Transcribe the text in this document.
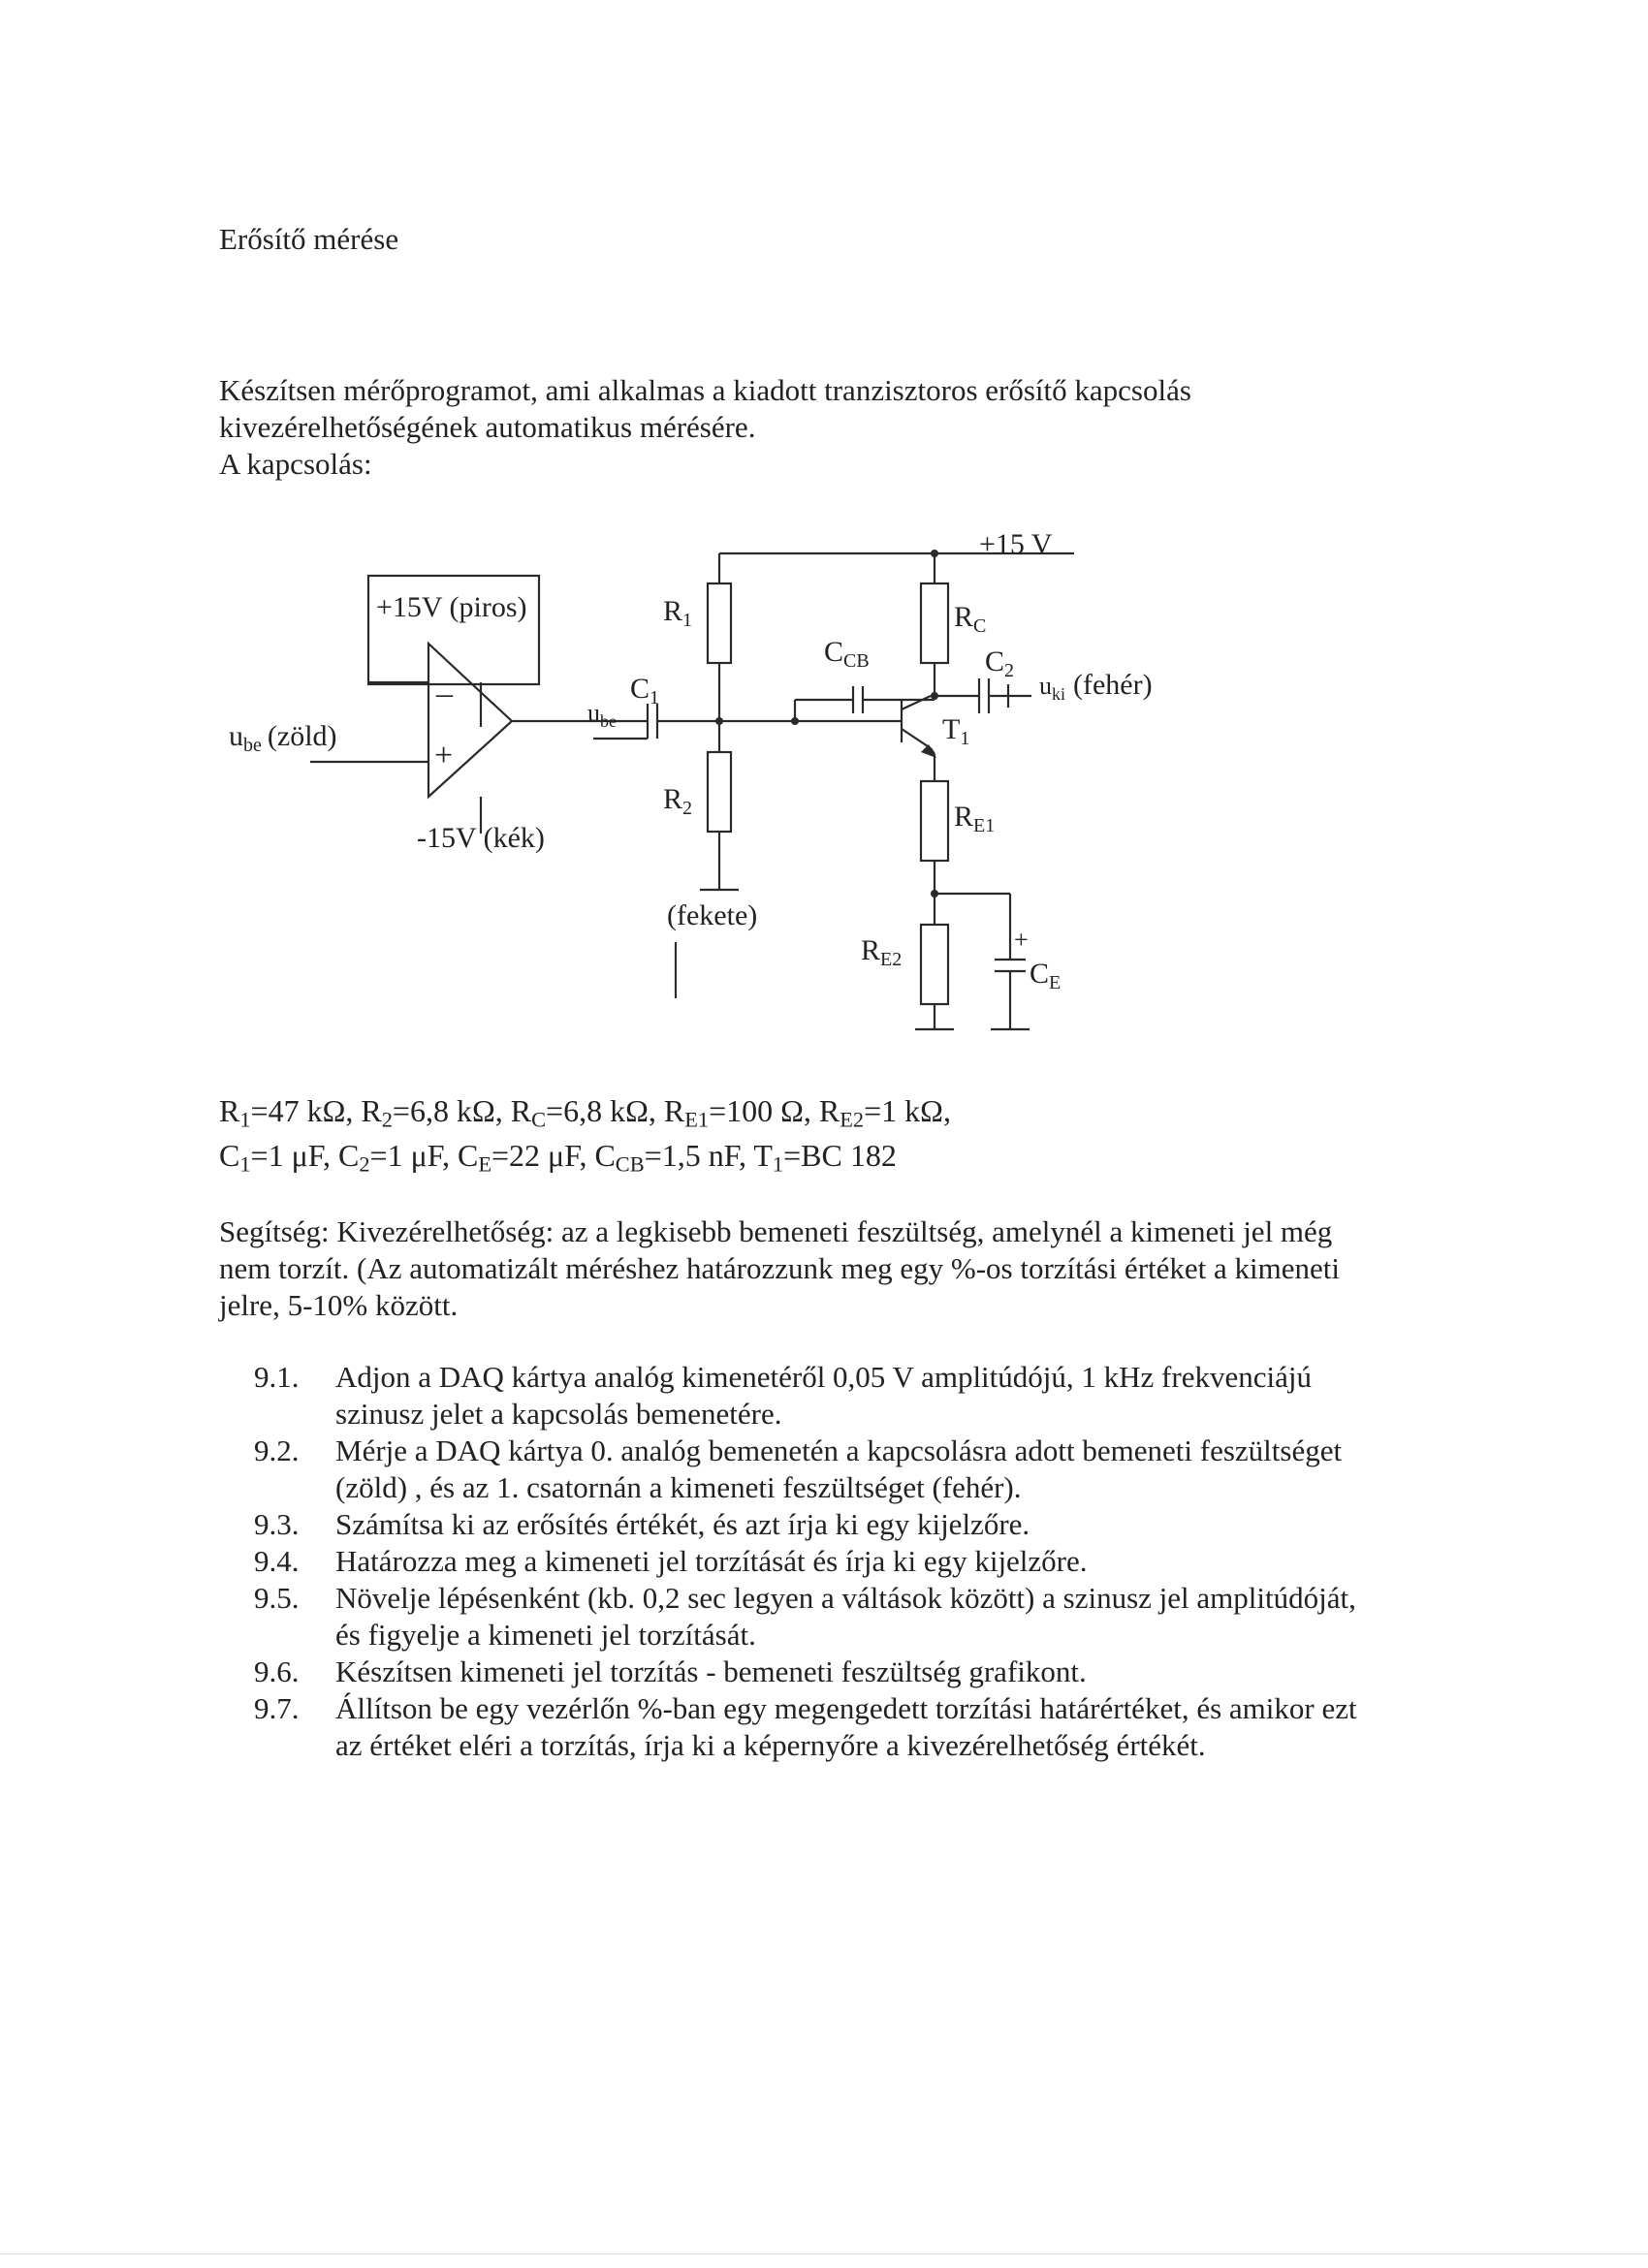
Erősítő mérése
Készítsen mérőprogramot, ami alkalmas a kiadott tranzisztoros erősítő kapcsolás
kivezérelhetőségének automatikus mérésére.
A kapcsolás:
+15 V
+15V (piros)
-15V (kék)
–
+
$u_{be}$ (zöld)
$u_{be}$
$C_1$
$R_1$
$R_2$
$C_{CB}$
$R_C$
$C_2$
$u_{ki}$ (fehér)
$T_1$
$R_{E1}$
$R_{E2}$
+
$C_E$
(fekete)
$R_1=47$ kΩ, $R_2=6,8$ kΩ, $R_C=6,8$ kΩ, $R_{E1}=100$ Ω, $R_{E2}=1$ kΩ,
$C_1=1$ μF, $C_2=1$ μF, $C_E=22$ μF, $C_{CB}=1,5$ nF, $T_1=BC$ 182
Segítség: Kivezérelhetőség: az a legkisebb bemeneti feszültség, amelynél a kimeneti jel még
nem torzít. (Az automatizált méréshez határozzunk meg egy %-os torzítási értéket a kimeneti
jelre, 5-10% között.
9.1.	Adjon a DAQ kártya analóg kimenetéről 0,05 V amplitúdójú, 1 kHz frekvenciájú
szinusz jelet a kapcsolás bemenetére.
9.2.	Mérje a DAQ kártya 0. analóg bemenetén a kapcsolásra adott bemeneti feszültséget
(zöld) , és az 1. csatornán a kimeneti feszültséget (fehér).
9.3.	Számítsa ki az erősítés értékét, és azt írja ki egy kijelzőre.
9.4.	Határozza meg a kimeneti jel torzítását és írja ki egy kijelzőre.
9.5.	Növelje lépésenként (kb. 0,2 sec legyen a váltások között) a szinusz jel amplitúdóját,
és figyelje a kimeneti jel torzítását.
9.6.	Készítsen kimeneti jel torzítás - bemeneti feszültség grafikont.
9.7.	Állítson be egy vezérlőn %-ban egy megengedett torzítási határértéket, és amikor ezt
az értéket eléri a torzítás, írja ki a képernyőre a kivezérelhetőség értékét.
